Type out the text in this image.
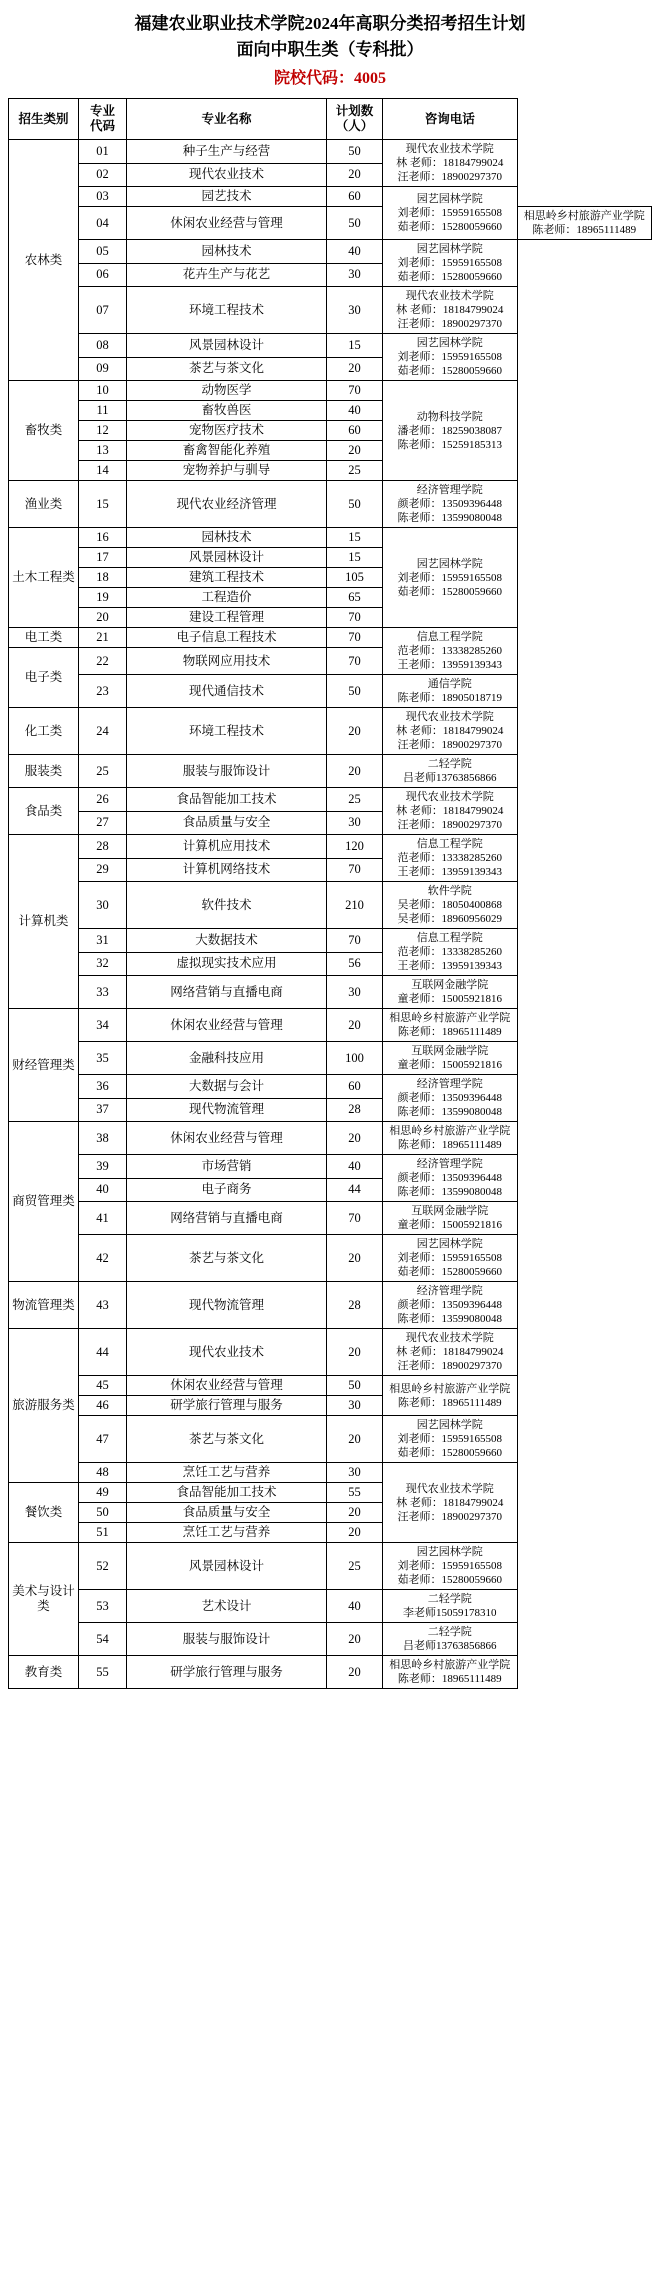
福建农业职业技术学院2024年高职分类招考招生计划
面向中职生类（专科批）
院校代码：4005
招生类别	专业
代码	专业名称	计划数
（人）	咨询电话	
农林类	01	种子生产与经营	50	现代农业技术学院
林 老师：18184799024
汪老师：18900297370	

	02	现代农业技术	20		
	03	园艺技术	60	园艺园林学院
刘老师：15959165508
茹老师：15280059660	

	04	休闲农业经营与管理	50		相思岭乡村旅游产业学院
陈老师：18965111489

	05	园林技术	40	园艺园林学院
刘老师：15959165508
茹老师：15280059660	

	06	花卉生产与花艺	30		
	07	环境工程技术	30	现代农业技术学院
林 老师：18184799024
汪老师：18900297370	

	08	风景园林设计	15	园艺园林学院
刘老师：15959165508
茹老师：15280059660	

	09	茶艺与茶文化	20		
畜牧类	10	动物医学	70	动物科技学院
潘老师：18259038087
陈老师：15259185313	

	11	畜牧兽医	40		
	12	宠物医疗技术	60		
	13	畜禽智能化养殖	20		
	14	宠物养护与驯导	25		
渔业类	15	现代农业经济管理	50	经济管理学院
颜老师：13509396448
陈老师：13599080048	

土木工程类	16	园林技术	15	园艺园林学院
刘老师：15959165508
茹老师：15280059660	

	17	风景园林设计	15		
	18	建筑工程技术	105		
	19	工程造价	65		
	20	建设工程管理	70		
电工类	21	电子信息工程技术	70	信息工程学院
范老师：13338285260
王老师：13959139343	

电子类	22	物联网应用技术	70		
	23	现代通信技术	50	通信学院
陈老师：18905018719	

化工类	24	环境工程技术	20	现代农业技术学院
林 老师：18184799024
汪老师：18900297370	

服装类	25	服装与服饰设计	20	二轻学院
吕老师13763856866	

食品类	26	食品智能加工技术	25	现代农业技术学院
林 老师：18184799024
汪老师：18900297370	

	27	食品质量与安全	30		
计算机类	28	计算机应用技术	120	信息工程学院
范老师：13338285260
王老师：13959139343	

	29	计算机网络技术	70		
	30	软件技术	210	软件学院
吴老师：18050400868
吴老师：18960956029	

	31	大数据技术	70	信息工程学院
范老师：13338285260
王老师：13959139343	

	32	虚拟现实技术应用	56		
	33	网络营销与直播电商	30	互联网金融学院
童老师：15005921816	

财经管理类	34	休闲农业经营与管理	20	相思岭乡村旅游产业学院
陈老师：18965111489	

	35	金融科技应用	100	互联网金融学院
童老师：15005921816	

	36	大数据与会计	60	经济管理学院
颜老师：13509396448
陈老师：13599080048	

	37	现代物流管理	28		
商贸管理类	38	休闲农业经营与管理	20	相思岭乡村旅游产业学院
陈老师：18965111489	

	39	市场营销	40	经济管理学院
颜老师：13509396448
陈老师：13599080048	

	40	电子商务	44		
	41	网络营销与直播电商	70	互联网金融学院
童老师：15005921816	

	42	茶艺与茶文化	20	园艺园林学院
刘老师：15959165508
茹老师：15280059660	

物流管理类	43	现代物流管理	28	经济管理学院
颜老师：13509396448
陈老师：13599080048	

旅游服务类	44	现代农业技术	20	现代农业技术学院
林 老师：18184799024
汪老师：18900297370	

	45	休闲农业经营与管理	50	相思岭乡村旅游产业学院
陈老师：18965111489	

	46	研学旅行管理与服务	30		
	47	茶艺与茶文化	20	园艺园林学院
刘老师：15959165508
茹老师：15280059660	

	48	烹饪工艺与营养	30	现代农业技术学院
林 老师：18184799024
汪老师：18900297370	

餐饮类	49	食品智能加工技术	55		
	50	食品质量与安全	20		
	51	烹饪工艺与营养	20		
美术与设计类	52	风景园林设计	25	园艺园林学院
刘老师：15959165508
茹老师：15280059660	

	53	艺术设计	40	二轻学院
李老师15059178310	

	54	服装与服饰设计	20	二轻学院
吕老师13763856866	

教育类	55	研学旅行管理与服务	20	相思岭乡村旅游产业学院
陈老师：18965111489	
